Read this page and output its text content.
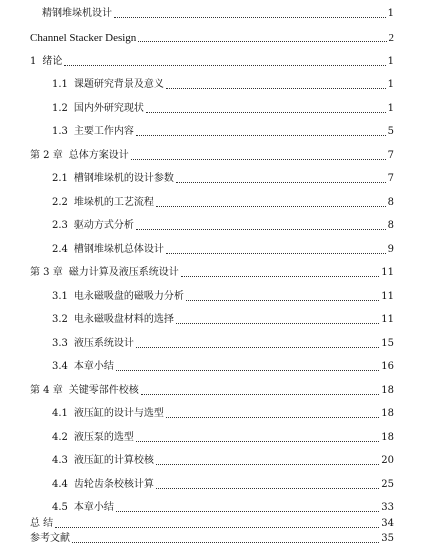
精钢堆垛机设计	1
Channel Stacker Design	2
1 绪论	1
1.1 课题研究背景及意义	1
1.2 国内外研究现状	1
1.3 主要工作内容	5
第 2 章 总体方案设计	7
2.1 槽钢堆垛机的设计参数	7
2.2 堆垛机的工艺流程	8
2.3 驱动方式分析	8
2.4 槽钢堆垛机总体设计	9
第 3 章 磁力计算及液压系统设计	11
3.1 电永磁吸盘的磁吸力分析	11
3.2 电永磁吸盘材料的选择	11
3.3 液压系统设计	15
3.4 本章小结	16
第 4 章 关键零部件校核	18
4.1 液压缸的设计与选型	18
4.2 液压泵的选型	18
4.3 液压缸的计算校核	20
4.4 齿轮齿条校核计算	25
4.5 本章小结	33
总 结	34
参考文献	35
